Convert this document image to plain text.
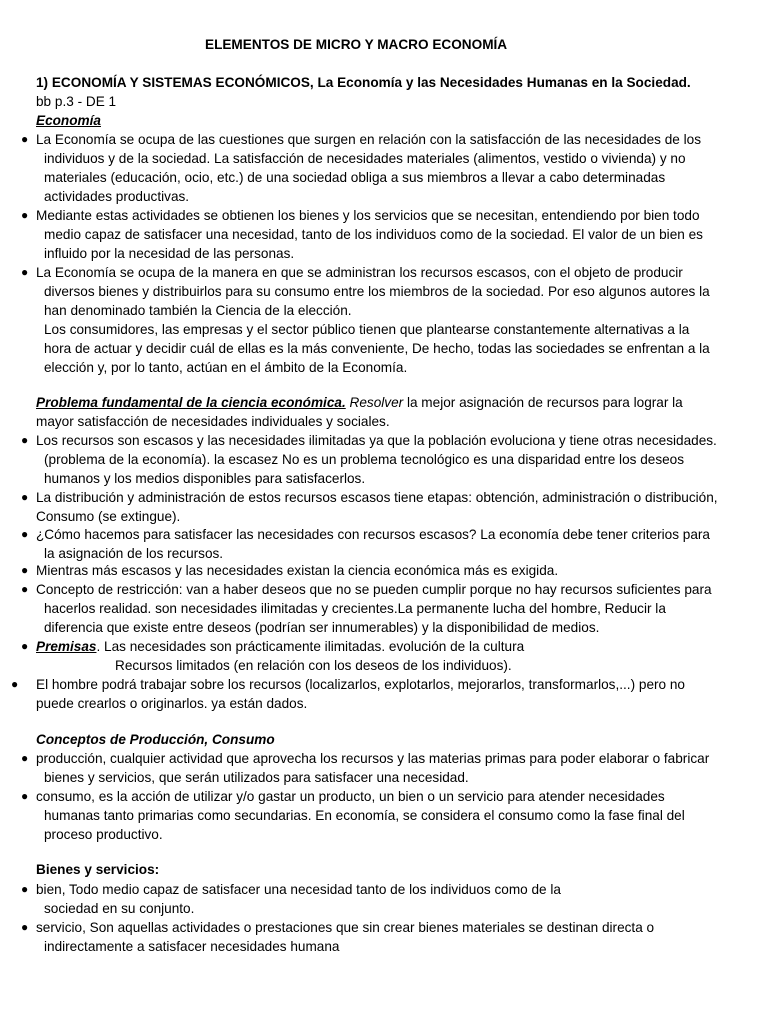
ELEMENTOS DE MICRO Y MACRO ECONOMÍA
1) ECONOMÍA Y SISTEMAS ECONÓMICOS, La Economía y las Necesidades Humanas en la Sociedad.
bb p.3 - DE 1
Economía
● La Economía se ocupa de las cuestiones que surgen en relación con la satisfacción de las necesidades de los
individuos y de la sociedad. La satisfacción de necesidades materiales (alimentos, vestido o vivienda) y no
materiales (educación, ocio, etc.) de una sociedad obliga a sus miembros a llevar a cabo determinadas
actividades productivas.
● Mediante estas actividades se obtienen los bienes y los servicios que se necesitan, entendiendo por bien todo
medio capaz de satisfacer una necesidad, tanto de los individuos como de la sociedad. El valor de un bien es
influido por la necesidad de las personas.
● La Economía se ocupa de la manera en que se administran los recursos escasos, con el objeto de producir
diversos bienes y distribuirlos para su consumo entre los miembros de la sociedad. Por eso algunos autores la
han denominado también la Ciencia de la elección.
Los consumidores, las empresas y el sector público tienen que plantearse constantemente alternativas a la
hora de actuar y decidir cuál de ellas es la más conveniente, De hecho, todas las sociedades se enfrentan a la
elección y, por lo tanto, actúan en el ámbito de la Economía.
Problema fundamental de la ciencia económica. Resolver la mejor asignación de recursos para lograr la
mayor satisfacción de necesidades individuales y sociales.
● Los recursos son escasos y las necesidades ilimitadas ya que la población evoluciona y tiene otras necesidades.
(problema de la economía). la escasez No es un problema tecnológico es una disparidad entre los deseos
humanos y los medios disponibles para satisfacerlos.
● La distribución y administración de estos recursos escasos tiene etapas: obtención, administración o distribución,
Consumo (se extingue).
● ¿Cómo hacemos para satisfacer las necesidades con recursos escasos? La economía debe tener criterios para
la asignación de los recursos.
● Mientras más escasos y las necesidades existan la ciencia económica más es exigida.
● Concepto de restricción: van a haber deseos que no se pueden cumplir porque no hay recursos suficientes para
hacerlos realidad. son necesidades ilimitadas y crecientes.La permanente lucha del hombre, Reducir la
diferencia que existe entre deseos (podrían ser innumerables) y la disponibilidad de medios.
● Premisas. Las necesidades son prácticamente ilimitadas. evolución de la cultura
Recursos limitados (en relación con los deseos de los individuos).
● El hombre podrá trabajar sobre los recursos (localizarlos, explotarlos, mejorarlos, transformarlos,...) pero no
puede crearlos o originarlos. ya están dados.
Conceptos de Producción, Consumo
● producción, cualquier actividad que aprovecha los recursos y las materias primas para poder elaborar o fabricar
bienes y servicios, que serán utilizados para satisfacer una necesidad.
● consumo, es la acción de utilizar y/o gastar un producto, un bien o un servicio para atender necesidades
humanas tanto primarias como secundarias. En economía, se considera el consumo como la fase final del
proceso productivo.
Bienes y servicios:
● bien, Todo medio capaz de satisfacer una necesidad tanto de los individuos como de la
sociedad en su conjunto.
● servicio, Son aquellas actividades o prestaciones que sin crear bienes materiales se destinan directa o
indirectamente a satisfacer necesidades humana
